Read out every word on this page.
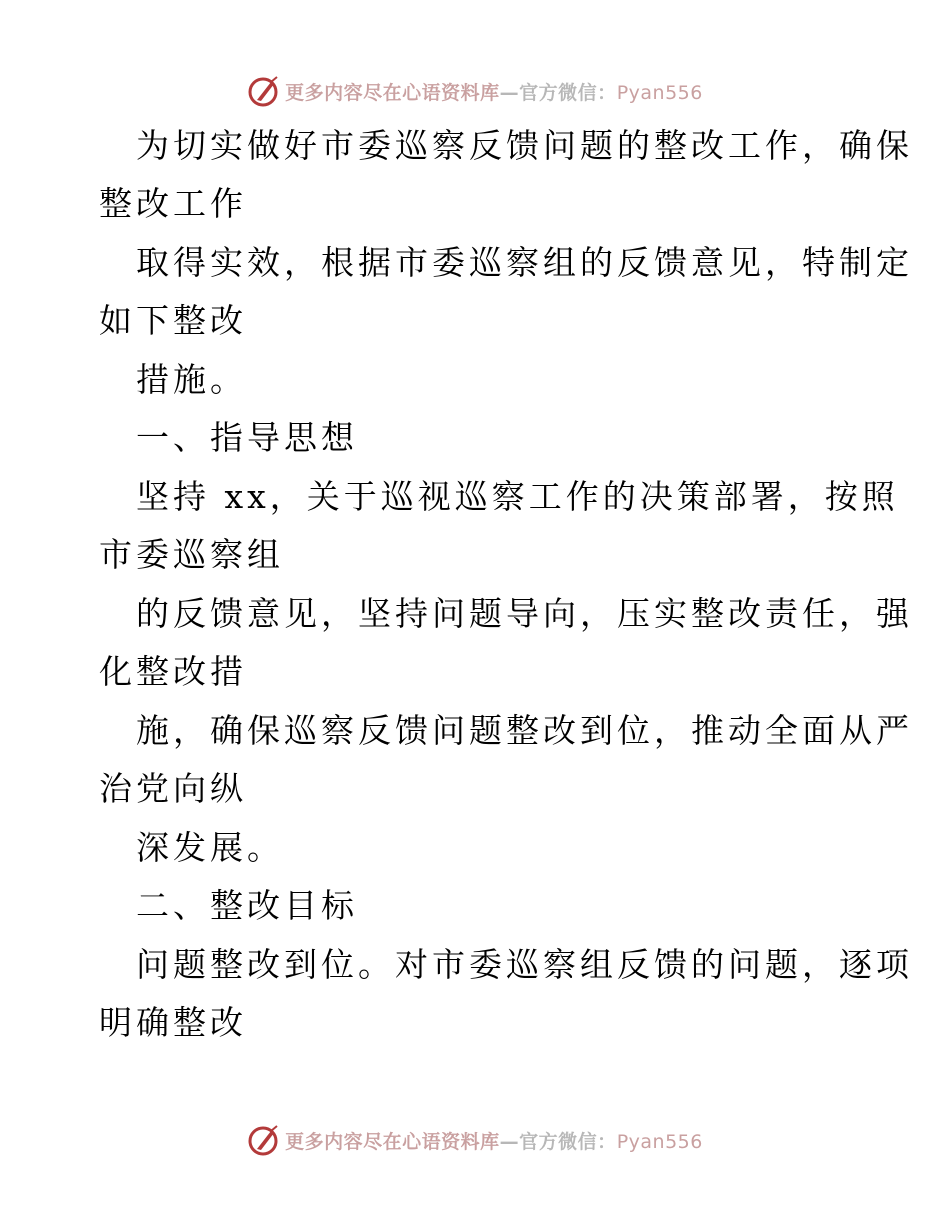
更多内容尽在心语资料库—官方微信：Pyan556
为切实做好市委巡察反馈问题的整改工作，确保
整改工作
取得实效，根据市委巡察组的反馈意见，特制定
如下整改
措施。
一、指导思想
坚持 xx，关于巡视巡察工作的决策部署，按照
市委巡察组
的反馈意见，坚持问题导向，压实整改责任，强
化整改措
施，确保巡察反馈问题整改到位，推动全面从严
治党向纵
深发展。
二、整改目标
问题整改到位。对市委巡察组反馈的问题，逐项
明确整改
更多内容尽在心语资料库—官方微信：Pyan556
